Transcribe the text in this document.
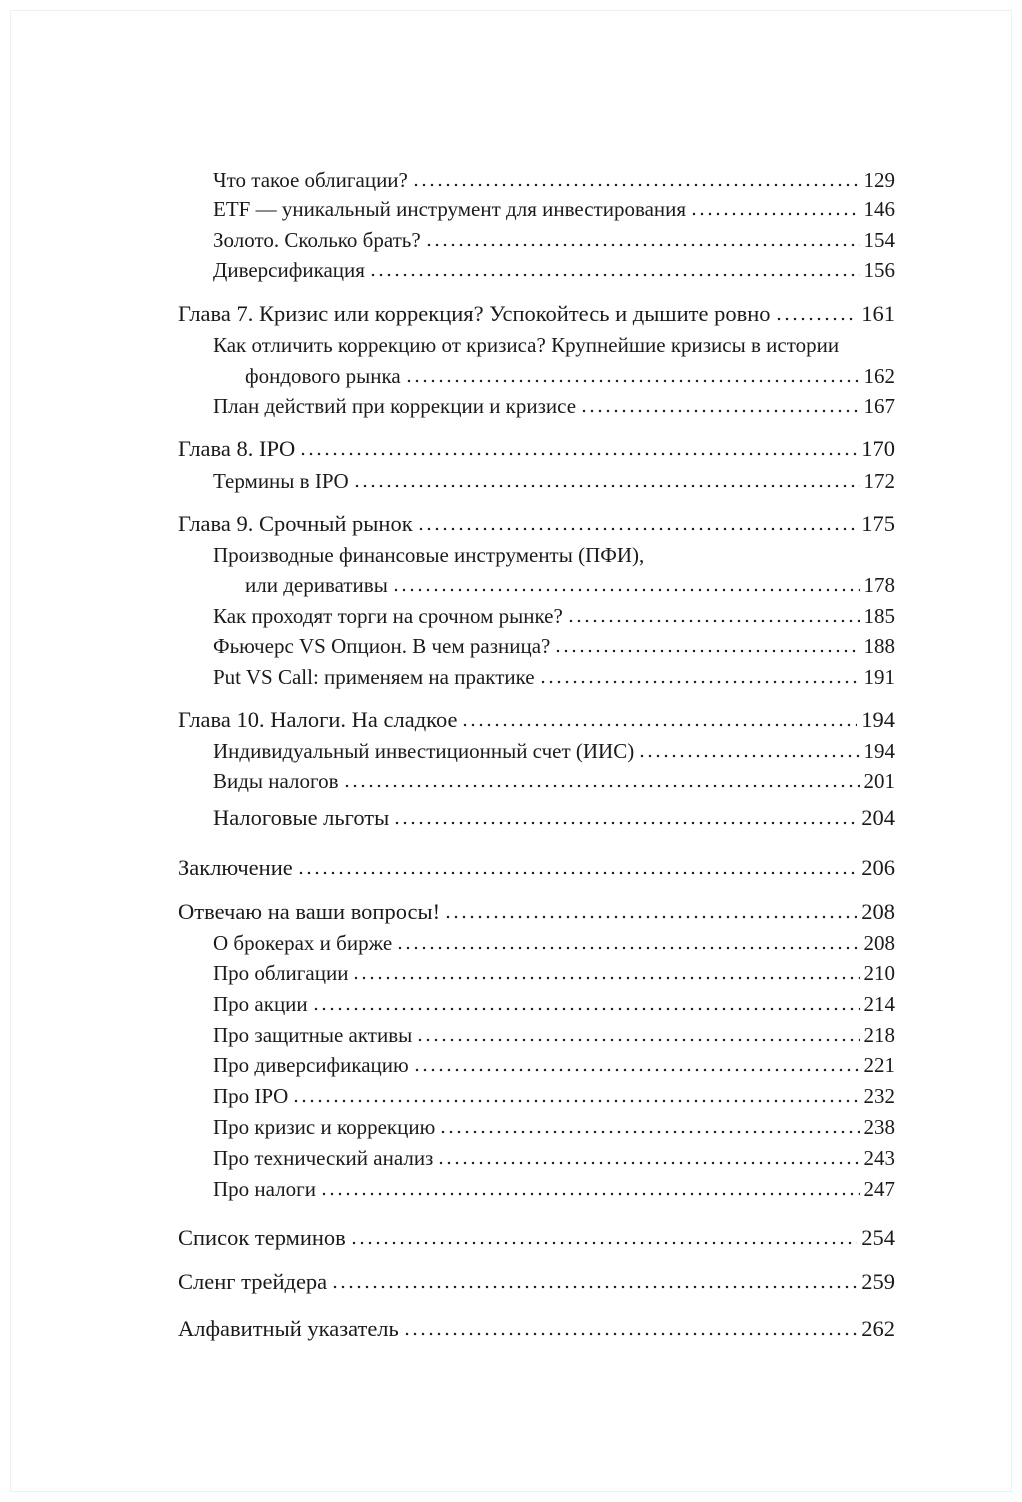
Что такое облигации?	129
ETF — уникальный инструмент для инвестирования	146
Золото. Сколько брать?	154
Диверсификация	156
Глава 7. Кризис или коррекция? Успокойтесь и дышите ровно	161
Как отличить коррекцию от кризиса? Крупнейшие кризисы в истории
фондового рынка	162
План действий при коррекции и кризисе	167
Глава 8. IPO	170
Термины в IPO	172
Глава 9. Срочный рынок	175
Производные финансовые инструменты (ПФИ),
или деривативы	178
Как проходят торги на срочном рынке?	185
Фьючерс VS Опцион. В чем разница?	188
Put VS Call: применяем на практике	191
Глава 10. Налоги. На сладкое	194
Индивидуальный инвестиционный счет (ИИС)	194
Виды налогов	201
Налоговые льготы	204
Заключение	206
Отвечаю на ваши вопросы!	208
О брокерах и бирже	208
Про облигации	210
Про акции	214
Про защитные активы	218
Про диверсификацию	221
Про IPO	232
Про кризис и коррекцию	238
Про технический анализ	243
Про налоги	247
Список терминов	254
Сленг трейдера	259
Алфавитный указатель	262
